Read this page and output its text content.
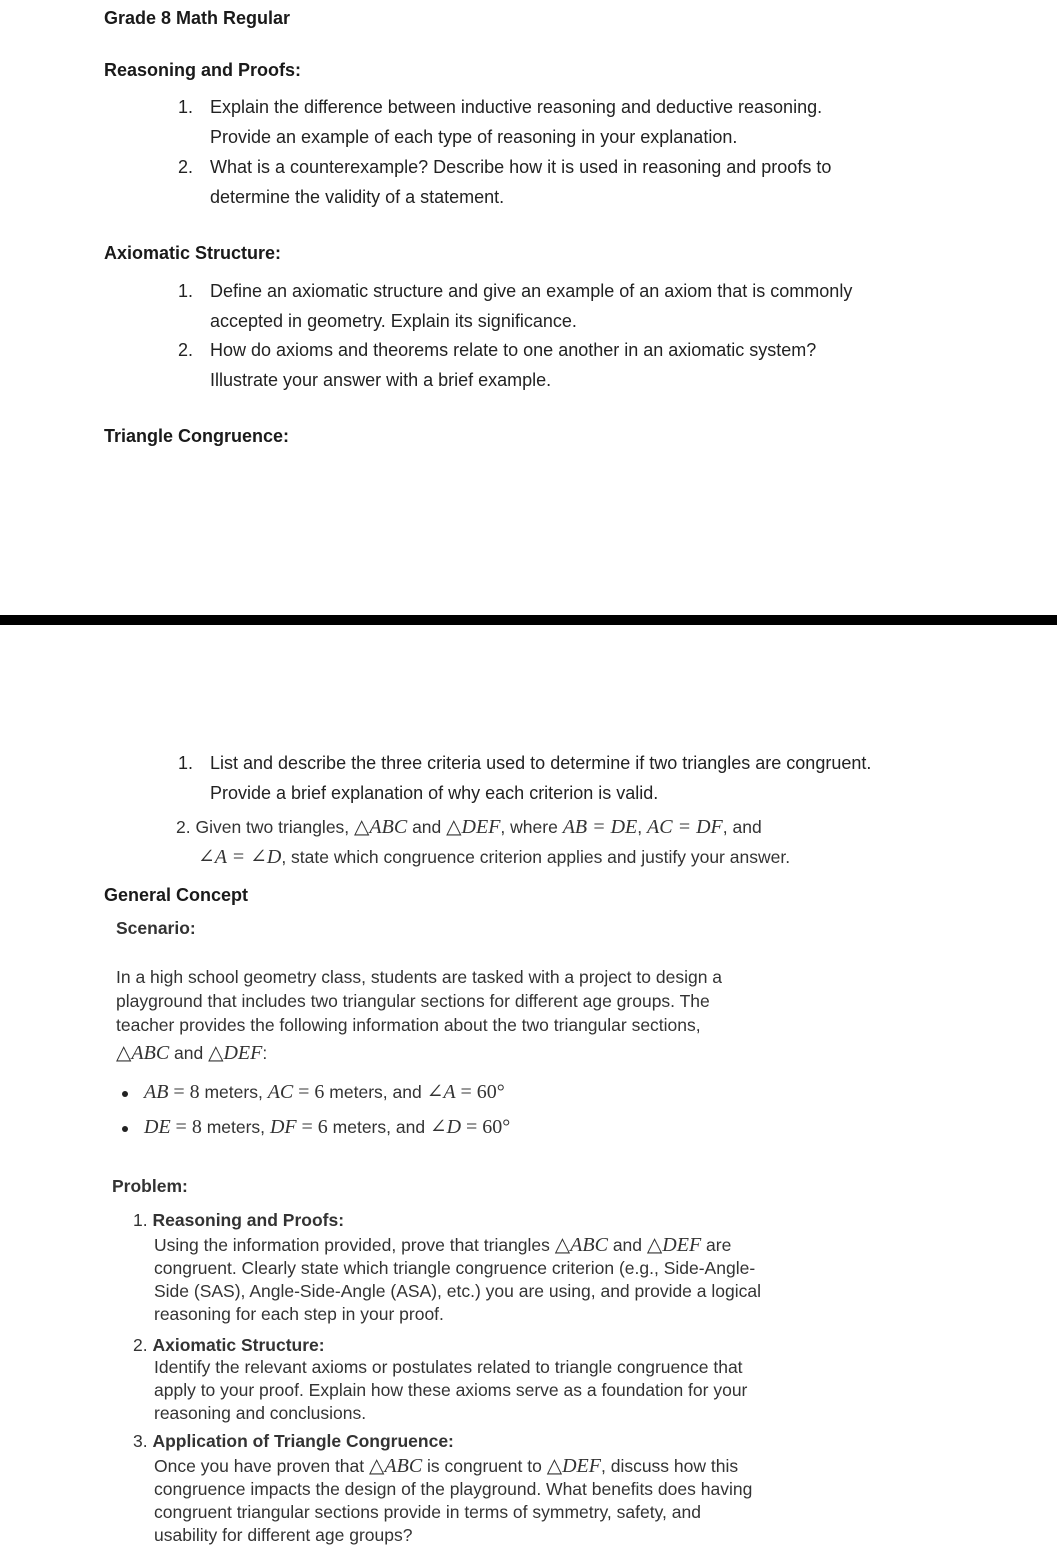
Grade 8 Math Regular
Reasoning and Proofs:
1. Explain the difference between inductive reasoning and deductive reasoning.
Provide an example of each type of reasoning in your explanation.
2. What is a counterexample? Describe how it is used in reasoning and proofs to
determine the validity of a statement.
Axiomatic Structure:
1. Define an axiomatic structure and give an example of an axiom that is commonly
accepted in geometry. Explain its significance.
2. How do axioms and theorems relate to one another in an axiomatic system?
Illustrate your answer with a brief example.
Triangle Congruence:
1. List and describe the three criteria used to determine if two triangles are congruent.
Provide a brief explanation of why each criterion is valid.
2. Given two triangles, △ABC and △DEF, where AB = DE, AC = DF, and
∠A = ∠D, state which congruence criterion applies and justify your answer.
General Concept
Scenario:
In a high school geometry class, students are tasked with a project to design a
playground that includes two triangular sections for different age groups. The
teacher provides the following information about the two triangular sections,
△ABC and △DEF:
AB = 8 meters, AC = 6 meters, and ∠A = 60°
DE = 8 meters, DF = 6 meters, and ∠D = 60°
Problem:
1. Reasoning and Proofs:
Using the information provided, prove that triangles △ABC and △DEF are
congruent. Clearly state which triangle congruence criterion (e.g., Side-Angle-
Side (SAS), Angle-Side-Angle (ASA), etc.) you are using, and provide a logical
reasoning for each step in your proof.
2. Axiomatic Structure:
Identify the relevant axioms or postulates related to triangle congruence that
apply to your proof. Explain how these axioms serve as a foundation for your
reasoning and conclusions.
3. Application of Triangle Congruence:
Once you have proven that △ABC is congruent to △DEF, discuss how this
congruence impacts the design of the playground. What benefits does having
congruent triangular sections provide in terms of symmetry, safety, and
usability for different age groups?
